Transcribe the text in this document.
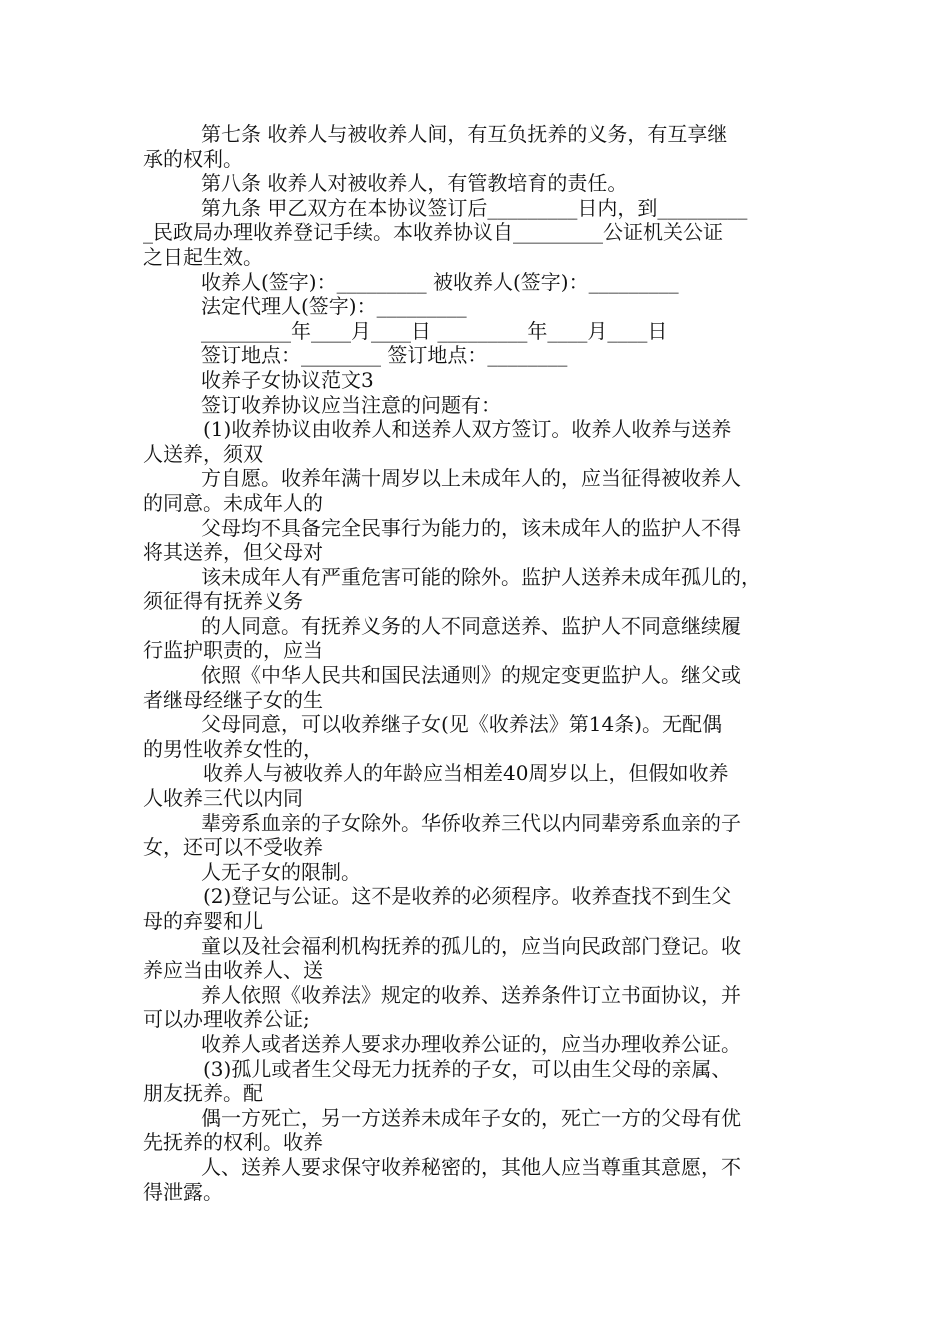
第七条 收养人与被收养人间，有互负抚养的义务，有互享继

承的权利。

第八条 收养人对被收养人，有管教培育的责任。

第九条 甲乙双方在本协议签订后_________日内，到_________

_民政局办理收养登记手续。本收养协议自_________公证机关公证

之日起生效。

收养人(签字)：_________ 被收养人(签字)：_________

法定代理人(签字)：_________

_________年____月____日 _________年____月____日

签订地点：________ 签订地点：________

收养子女协议范文3

签订收养协议应当注意的问题有：

(1)收养协议由收养人和送养人双方签订。收养人收养与送养

人送养，须双

方自愿。收养年满十周岁以上未成年人的，应当征得被收养人

的同意。未成年人的

父母均不具备完全民事行为能力的，该未成年人的监护人不得

将其送养，但父母对

该未成年人有严重危害可能的除外。监护人送养未成年孤儿的，

须征得有抚养义务

的人同意。有抚养义务的人不同意送养、监护人不同意继续履

行监护职责的，应当

依照《中华人民共和国民法通则》的规定变更监护人。继父或

者继母经继子女的生

父母同意，可以收养继子女(见《收养法》第14条)。无配偶

的男性收养女性的，

收养人与被收养人的年龄应当相差40周岁以上，但假如收养

人收养三代以内同

辈旁系血亲的子女除外。华侨收养三代以内同辈旁系血亲的子

女，还可以不受收养

人无子女的限制。

(2)登记与公证。这不是收养的必须程序。收养查找不到生父

母的弃婴和儿

童以及社会福利机构抚养的孤儿的，应当向民政部门登记。收

养应当由收养人、送

养人依照《收养法》规定的收养、送养条件订立书面协议，并

可以办理收养公证;

收养人或者送养人要求办理收养公证的，应当办理收养公证。

(3)孤儿或者生父母无力抚养的子女，可以由生父母的亲属、

朋友抚养。配

偶一方死亡，另一方送养未成年子女的，死亡一方的父母有优

先抚养的权利。收养

人、送养人要求保守收养秘密的，其他人应当尊重其意愿，不

得泄露。
